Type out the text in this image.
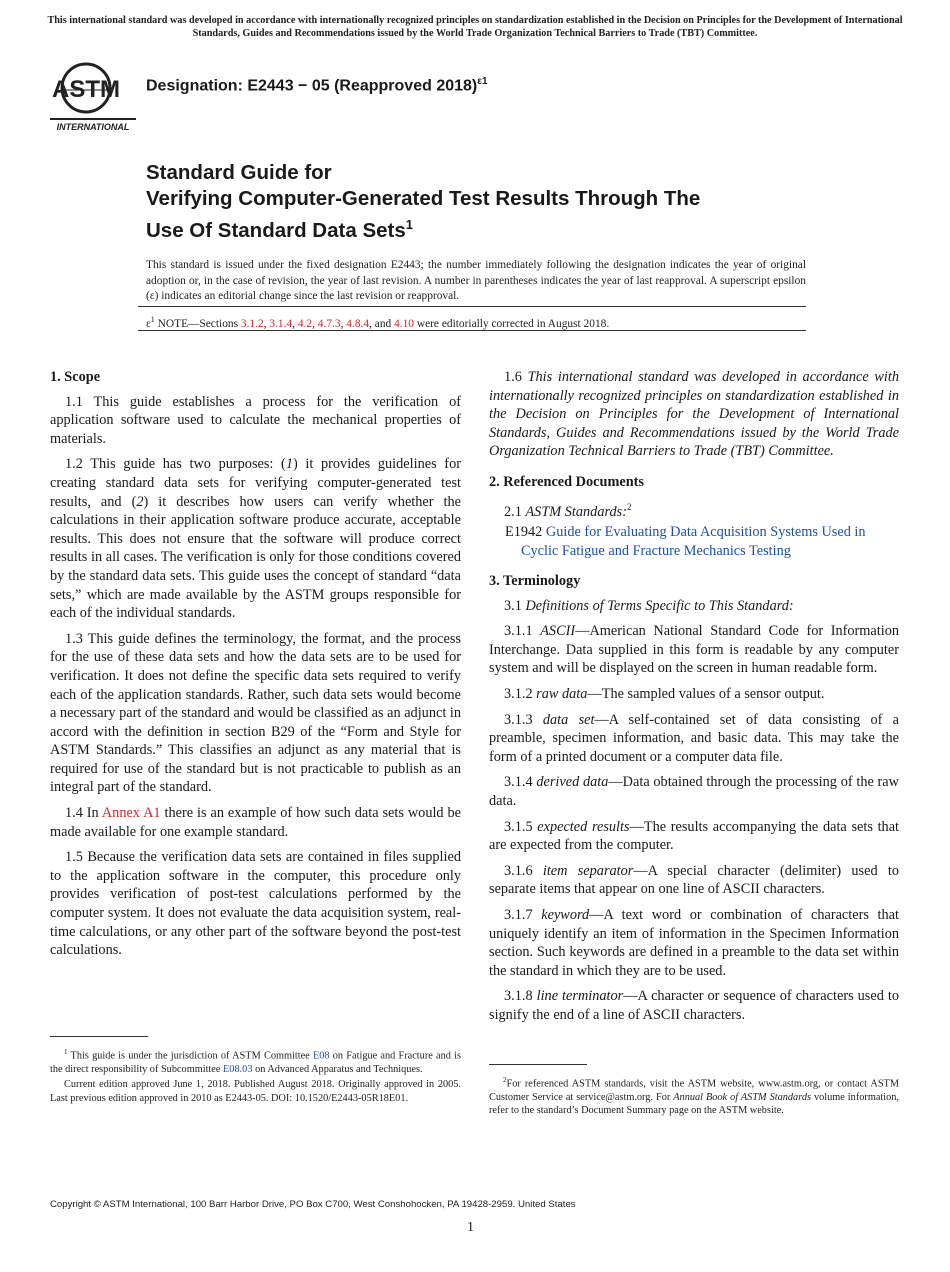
This international standard was developed in accordance with internationally recognized principles on standardization established in the Decision on Principles for the Development of International Standards, Guides and Recommendations issued by the World Trade Organization Technical Barriers to Trade (TBT) Committee.
ASTM
INTERNATIONAL
Designation: E2443 − 05 (Reapproved 2018)$^{\varepsilon 1}$
Standard Guide for
Verifying Computer-Generated Test Results Through The
Use Of Standard Data Sets$^1$
This standard is issued under the fixed designation E2443; the number immediately following the designation indicates the year of original adoption or, in the case of revision, the year of last revision. A number in parentheses indicates the year of last reapproval. A superscript epsilon (ε) indicates an editorial change since the last revision or reapproval.
$\varepsilon^1$ NOTE—Sections 3.1.2, 3.1.4, 4.2, 4.7.3, 4.8.4, and 4.10 were editorially corrected in August 2018.
1. Scope

1.1 This guide establishes a process for the verification of application software used to calculate the mechanical properties of materials.

1.2 This guide has two purposes: (1) it provides guidelines for creating standard data sets for verifying computer-generated test results, and (2) it describes how users can verify whether the calculations in their application software produce accurate, acceptable results. This does not ensure that the software will produce correct results in all cases. The verification is only for those conditions covered by the standard data sets. This guide uses the concept of standard “data sets,” which are made available by the ASTM groups responsible for each of the individual standards.

1.3 This guide defines the terminology, the format, and the process for the use of these data sets and how the data sets are to be used for verification. It does not define the specific data sets required to verify each of the application standards. Rather, such data sets would become a necessary part of the standard and would be classified as an adjunct in accord with the definition in section B29 of the “Form and Style for ASTM Standards.” This classifies an adjunct as any material that is required for use of the standard but is not practicable to publish as an integral part of the standard.

1.4 In Annex A1 there is an example of how such data sets would be made available for one example standard.

1.5 Because the verification data sets are contained in files supplied to the application software in the computer, this procedure only provides verification of post-test calculations performed by the computer system. It does not evaluate the data acquisition system, real-time calculations, or any other part of the software beyond the post-test calculations.

1.6 This international standard was developed in accordance with internationally recognized principles on standardization established in the Decision on Principles for the Development of International Standards, Guides and Recommendations issued by the World Trade Organization Technical Barriers to Trade (TBT) Committee.

2. Referenced Documents

2.1 ASTM Standards:$^2$

E1942 Guide for Evaluating Data Acquisition Systems Used in Cyclic Fatigue and Fracture Mechanics Testing

3. Terminology

3.1 Definitions of Terms Specific to This Standard:

3.1.1 ASCII—American National Standard Code for Information Interchange. Data supplied in this form is readable by any computer system and will be displayed on the screen in human readable form.

3.1.2 raw data—The sampled values of a sensor output.

3.1.3 data set—A self-contained set of data consisting of a preamble, specimen information, and basic data. This may take the form of a printed document or a computer data file.

3.1.4 derived data—Data obtained through the processing of the raw data.

3.1.5 expected results—The results accompanying the data sets that are expected from the computer.

3.1.6 item separator—A special character (delimiter) used to separate items that appear on one line of ASCII characters.

3.1.7 keyword—A text word or combination of characters that uniquely identify an item of information in the Specimen Information section. Such keywords are defined in a preamble to the data set within the standard in which they are to be used.

3.1.8 line terminator—A character or sequence of characters used to signify the end of a line of ASCII characters.

$^1$ This guide is under the jurisdiction of ASTM Committee E08 on Fatigue and Fracture and is the direct responsibility of Subcommittee E08.03 on Advanced Apparatus and Techniques.

Current edition approved June 1, 2018. Published August 2018. Originally approved in 2005. Last previous edition approved in 2010 as E2443-05. DOI: 10.1520/E2443-05R18E01.

$^2$For referenced ASTM standards, visit the ASTM website, www.astm.org, or contact ASTM Customer Service at service@astm.org. For Annual Book of ASTM Standards volume information, refer to the standard’s Document Summary page on the ASTM website.

Copyright © ASTM International, 100 Barr Harbor Drive, PO Box C700, West Conshohocken, PA 19428-2959. United States
1
